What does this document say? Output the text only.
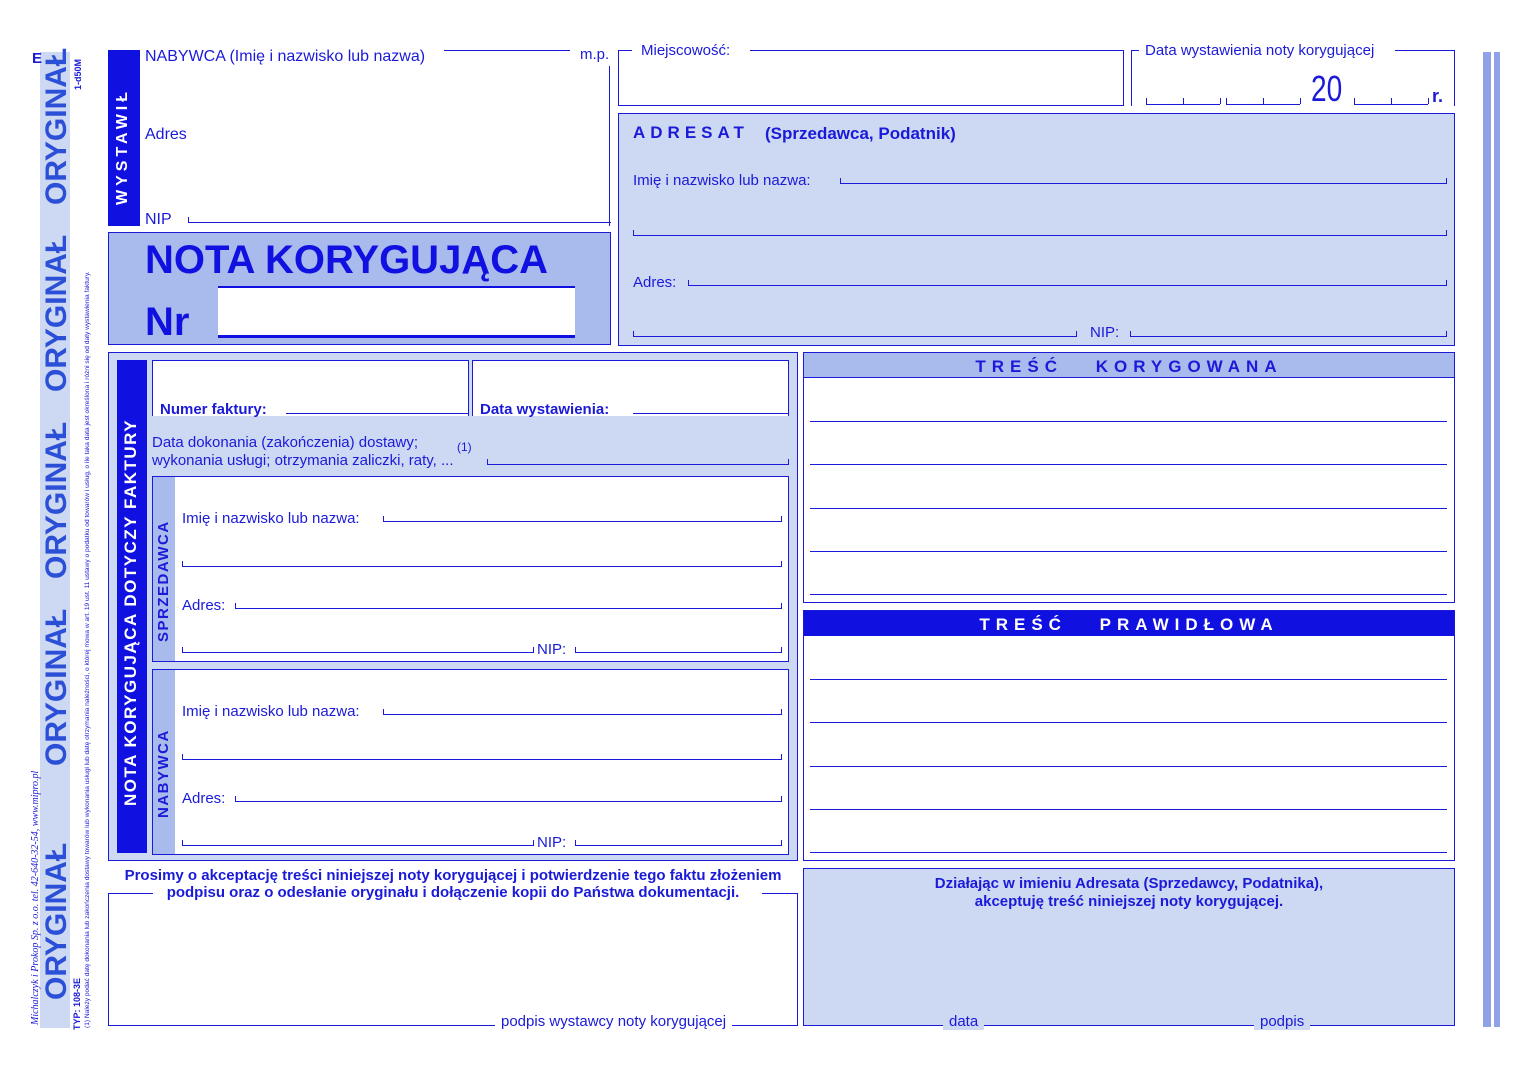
E
ORYGINAŁ
ORYGINAŁ
ORYGINAŁ
ORYGINAŁ
ORYGINAŁ
Michalczyk i Prokop Sp. z o.o. tel. 42-640-32-54, www.mipro.pl	TYP: 108-3E
1-d50M
(1) Należy podać datę dokonania lub zakończenia dostawy towarów lub wykonania usługi lub datę otrzymania należności, o której mowa w art. 19 ust. 11 ustawy o podatku od towarów i usług, o ile taka data jest określona i różni się od daty wystawienia faktury.
WYSTAWIŁ
NABYWCA (Imię i nazwisko lub nazwa)	m.p.
Adres
NIP
NOTA KORYGUJĄCA
Nr
Miejscowość:	Data wystawienia noty korygującej
20	r.
ADRESAT (Sprzedawca, Podatnik)
Imię i nazwisko lub nazwa:
Adres:
NIP:
NOTA KORYGUJĄCA DOTYCZY FAKTURY
Numer faktury:	Data wystawienia:
Data dokonania (zakończenia) dostawy;
wykonania usługi; otrzymania zaliczki, raty, ...
(1)
SPRZEDAWCA
Imię i nazwisko lub nazwa:
Adres:
NIP:
NABYWCA
Imię i nazwisko lub nazwa:
Adres:
NIP:
TREŚĆ KORYGOWANA
TREŚĆ PRAWIDŁOWA
Prosimy o akceptację treści niniejszej noty korygującej i potwierdzenie tego faktu złożeniem
podpisu oraz o odesłanie oryginału i dołączenie kopii do Państwa dokumentacji.
podpis wystawcy noty korygującej
Działając w imieniu Adresata (Sprzedawcy, Podatnika),
akceptuję treść niniejszej noty korygującej.
data	podpis
